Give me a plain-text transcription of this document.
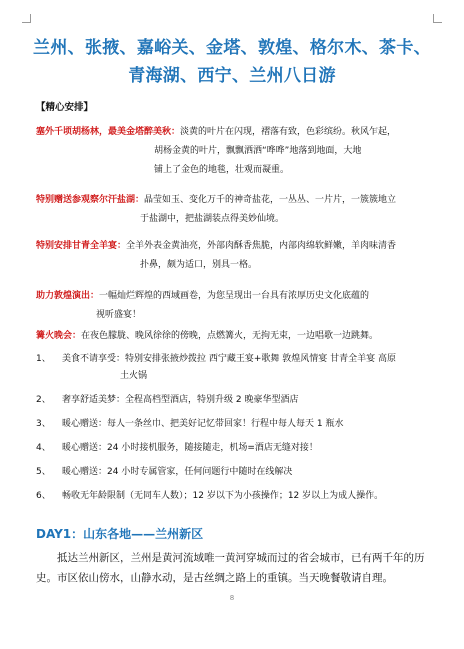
兰州、张掖、嘉峪关、金塔、敦煌、格尔木、茶卡、
青海湖、西宁、兰州八日游
【精心安排】
塞外千顷胡杨林，最美金塔醉美秋：淡黄的叶片在闪现，褶落有致，色彩缤纷。秋风乍起，
胡杨金黄的叶片，飘飘洒洒“哗哗”地落到地面，大地
铺上了金色的地毯，壮观而凝重。
特别赠送参观察尔汗盐湖：晶莹如玉、变化万千的神奇盐花，一丛丛、一片片，一簇簇地立
于盐湖中，把盐湖装点得美妙仙境。
特别安排甘青全羊宴：全羊外表金黄油亮，外部肉酥香焦脆，内部肉绵软鲜嫩，羊肉味清香
扑鼻，颇为适口，别具一格。
助力敦煌演出：一幅灿烂辉煌的西域画卷，为您呈现出一台具有浓厚历史文化底蕴的
视听盛宴！
篝火晚会：在夜色朦胧、晚风徐徐的傍晚，点燃篝火，无拘无束，一边唱歌一边跳舞。
1、	美食不请享受：特别安排张掖炒拨拉 西宁藏王宴+歌舞 敦煌风情宴 甘青全羊宴 高原
土火锅
2、	奢享舒适美梦：全程高档型酒店，特别升级 2 晚豪华型酒店
3、	暖心赠送：每人一条丝巾、把美好记忆带回家！行程中每人每天 1 瓶水
4、	暖心赠送：24 小时接机服务，随接随走，机场=酒店无缝对接！
5、	暖心赠送：24 小时专属管家，任何问题行中随时在线解决
6、	畅收无年龄限制（无同车人数）；12 岁以下为小孩操作；12 岁以上为成人操作。
DAY1：山东各地——兰州新区
抵达兰州新区，兰州是黄河流域唯一黄河穿城而过的省会城市，已有两千年的历史。市区依山傍水，山静水动，是古丝绸之路上的重镇。当天晚餐敬请自理。
8
